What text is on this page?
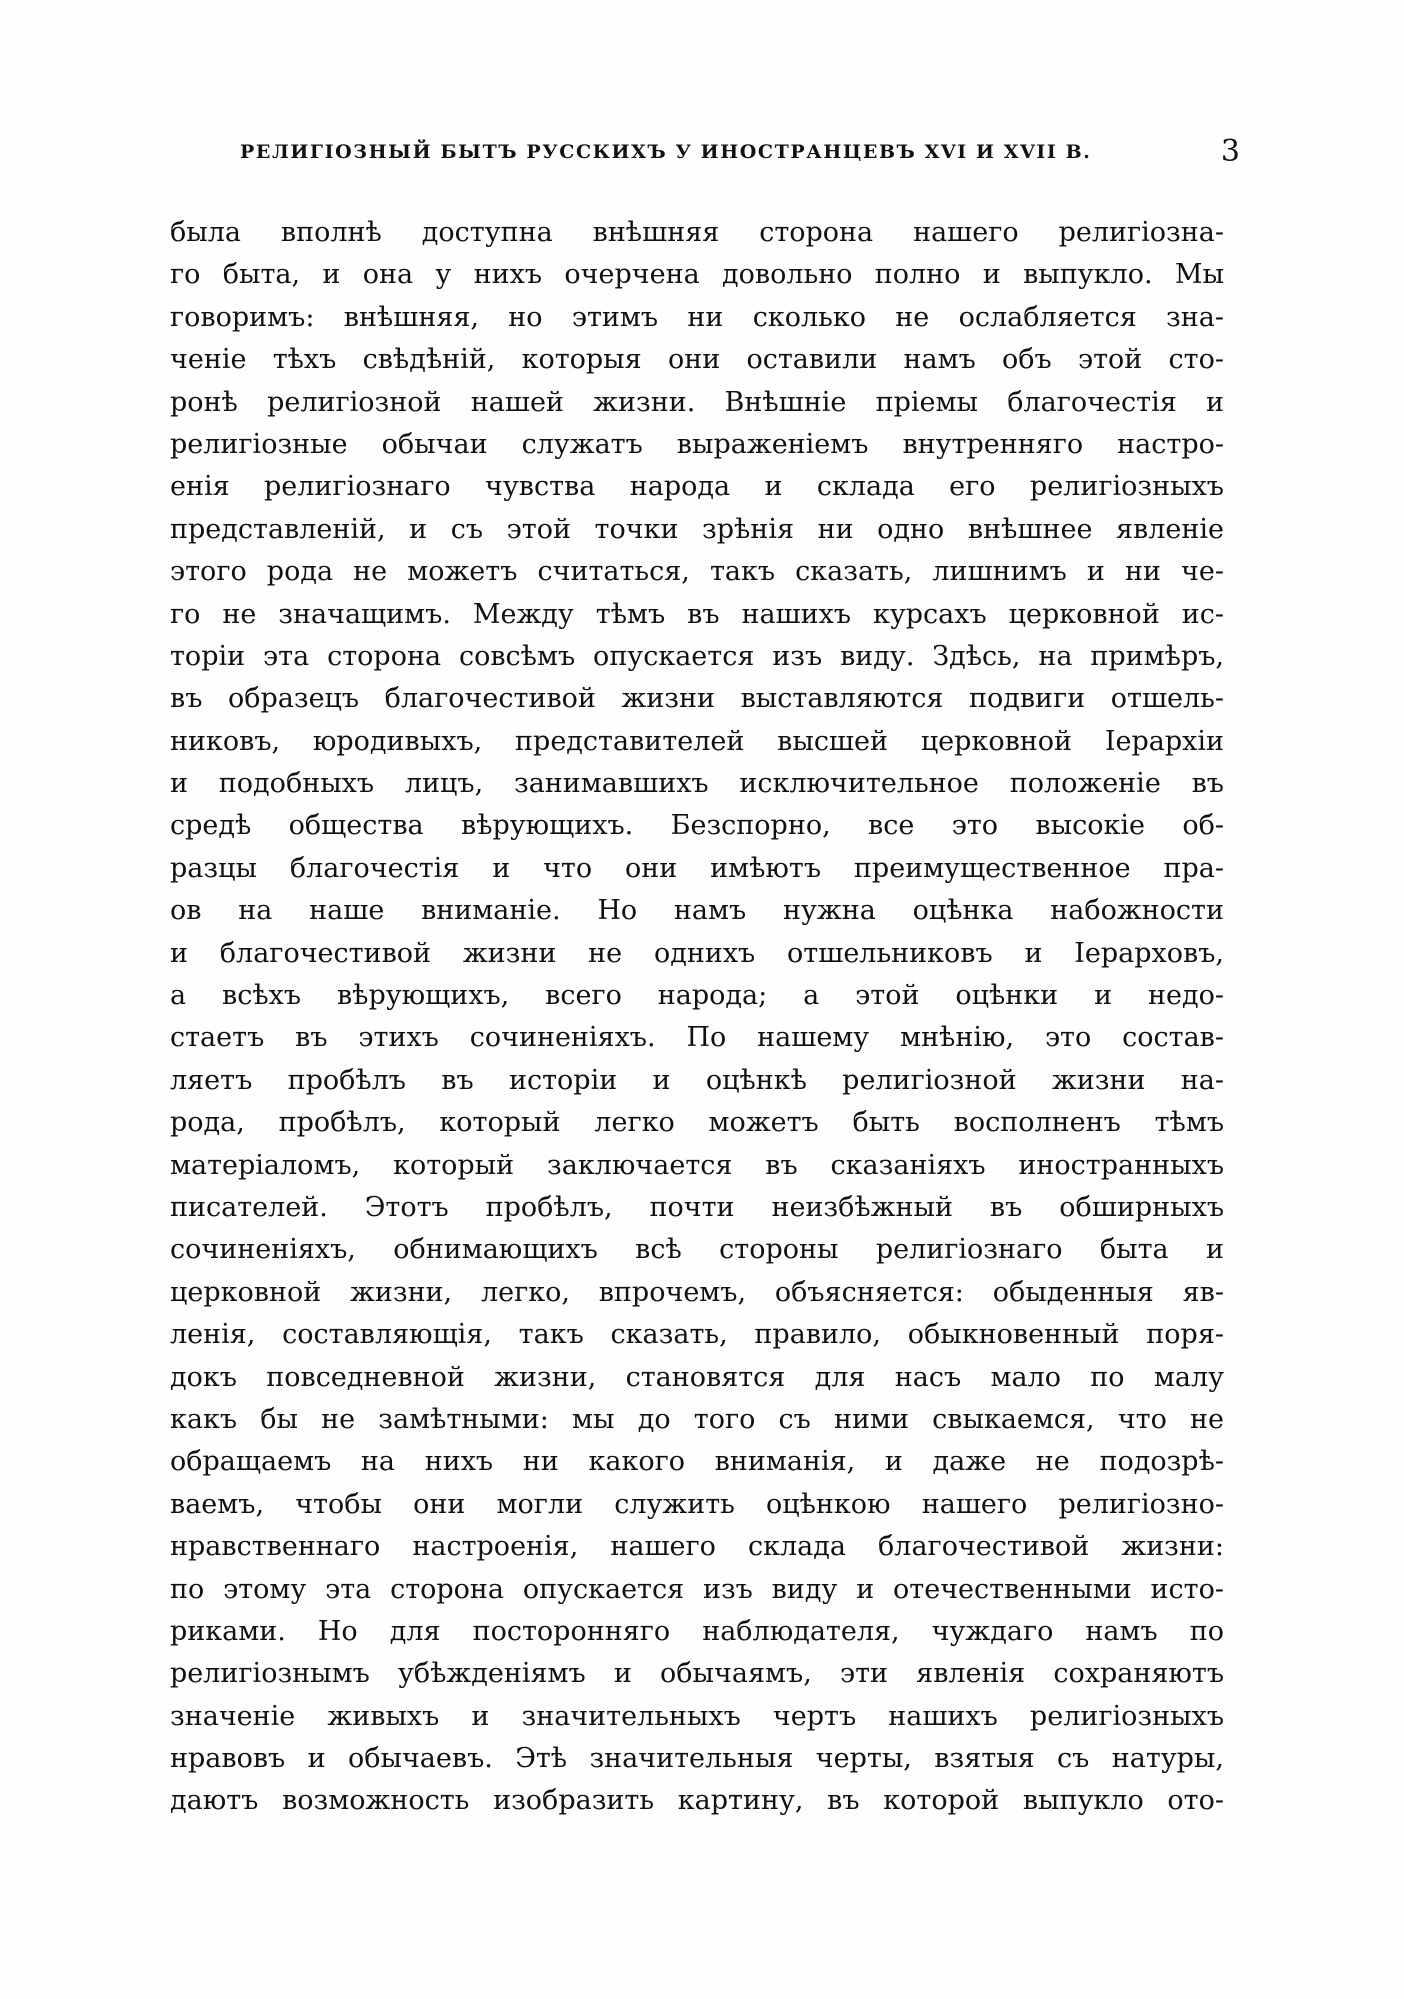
РЕЛИГІОЗНЫЙ БЫТЪ РУССКИХЪ У ИНОСТРАНЦЕВЪ XVI И XVII В.	3
была вполнѣ доступна внѣшняя сторона нашего религіозна-
го быта, и она у нихъ очерчена довольно полно и выпукло. Мы
говоримъ: внѣшняя, но этимъ ни сколько не ослабляется зна-
ченіе тѣхъ свѣдѣній, которыя они оставили намъ объ этой сто-
ронѣ религіозной нашей жизни. Внѣшніе пріемы благочестія и
религіозные обычаи служатъ выраженіемъ внутренняго настро-
енія религіознаго чувства народа и склада его религіозныхъ
представленій, и съ этой точки зрѣнія ни одно внѣшнее явленіе
этого рода не можетъ считаться, такъ сказать, лишнимъ и ни че-
го не значащимъ. Между тѣмъ въ нашихъ курсахъ церковной ис-
торіи эта сторона совсѣмъ опускается изъ виду. Здѣсь, на примѣръ,
въ образецъ благочестивой жизни выставляются подвиги отшель-
никовъ, юродивыхъ, представителей высшей церковной Іерархіи
и подобныхъ лицъ, занимавшихъ исключительное положеніе въ
средѣ общества вѣрующихъ. Безспорно, все это высокіе об-
разцы благочестія и что они имѣютъ преимущественное пра-
ов на наше вниманіе. Но намъ нужна оцѣнка набожности
и благочестивой жизни не однихъ отшельниковъ и Іерарховъ,
а всѣхъ вѣрующихъ, всего народа; а этой оцѣнки и недо-
стаетъ въ этихъ сочиненіяхъ. По нашему мнѣнію, это состав-
ляетъ пробѣлъ въ исторіи и оцѣнкѣ религіозной жизни на-
рода, пробѣлъ, который легко можетъ быть восполненъ тѣмъ
матеріаломъ, который заключается въ сказаніяхъ иностранныхъ
писателей. Этотъ пробѣлъ, почти неизбѣжный въ обширныхъ
сочиненіяхъ, обнимающихъ всѣ стороны религіознаго быта и
церковной жизни, легко, впрочемъ, объясняется: обыденныя яв-
ленія, составляющія, такъ сказать, правило, обыкновенный поря-
докъ повседневной жизни, становятся для насъ мало по малу
какъ бы не замѣтными: мы до того съ ними свыкаемся, что не
обращаемъ на нихъ ни какого вниманія, и даже не подозрѣ-
ваемъ, чтобы они могли служить оцѣнкою нашего религіозно-
нравственнаго настроенія, нашего склада благочестивой жизни:
по этому эта сторона опускается изъ виду и отечественными исто-
риками. Но для посторонняго наблюдателя, чуждаго намъ по
религіознымъ убѣжденіямъ и обычаямъ, эти явленія сохраняютъ
значеніе живыхъ и значительныхъ чертъ нашихъ религіозныхъ
нравовъ и обычаевъ. Этѣ значительныя черты, взятыя съ натуры,
даютъ возможность изобразить картину, въ которой выпукло ото-
